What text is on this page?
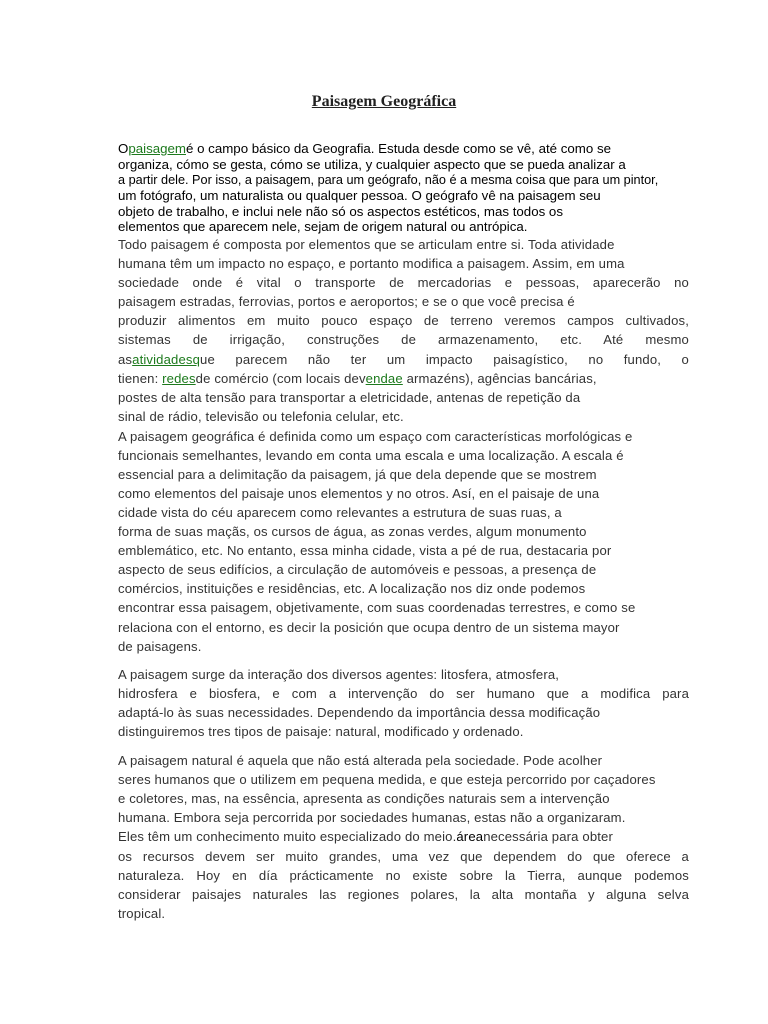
Paisagem Geográfica
Opaisagemé o campo básico da Geografia. Estuda desde como se vê, até como se
organiza, cómo se gesta, cómo se utiliza, y cualquier aspecto que se pueda analizar a
a partir dele. Por isso, a paisagem, para um geógrafo, não é a mesma coisa que para um pintor,
um fotógrafo, um naturalista ou qualquer pessoa. O geógrafo vê na paisagem seu
objeto de trabalho, e inclui nele não só os aspectos estéticos, mas todos os
elementos que aparecem nele, sejam de origem natural ou antrópica.
Todo paisagem é composta por elementos que se articulam entre si. Toda atividade
humana têm um impacto no espaço, e portanto modifica a paisagem. Assim, em uma
sociedade onde é vital o transporte de mercadorias e pessoas, aparecerão no
paisagem estradas, ferrovias, portos e aeroportos; e se o que você precisa é
produzir alimentos em muito pouco espaço de terreno veremos campos cultivados,
sistemas de irrigação, construções de armazenamento, etc. Até mesmo
asatividadesque parecem não ter um impacto paisagístico, no fundo, o
tienen: redesde comércio (com locais devendae armazéns), agências bancárias,
postes de alta tensão para transportar a eletricidade, antenas de repetição da
sinal de rádio, televisão ou telefonia celular, etc.
A paisagem geográfica é definida como um espaço com características morfológicas e
funcionais semelhantes, levando em conta uma escala e uma localização. A escala é
essencial para a delimitação da paisagem, já que dela depende que se mostrem
como elementos del paisaje unos elementos y no otros. Así, en el paisaje de una
cidade vista do céu aparecem como relevantes a estrutura de suas ruas, a
forma de suas maçãs, os cursos de água, as zonas verdes, algum monumento
emblemático, etc. No entanto, essa minha cidade, vista a pé de rua, destacaria por
aspecto de seus edifícios, a circulação de automóveis e pessoas, a presença de
comércios, instituições e residências, etc. A localização nos diz onde podemos
encontrar essa paisagem, objetivamente, com suas coordenadas terrestres, e como se
relaciona con el entorno, es decir la posición que ocupa dentro de un sistema mayor
de paisagens.
A paisagem surge da interação dos diversos agentes: litosfera, atmosfera,
hidrosfera e biosfera, e com a intervenção do ser humano que a modifica para
adaptá-lo às suas necessidades. Dependendo da importância dessa modificação
distinguiremos tres tipos de paisaje: natural, modificado y ordenado.
A paisagem natural é aquela que não está alterada pela sociedade. Pode acolher
seres humanos que o utilizem em pequena medida, e que esteja percorrido por caçadores
e coletores, mas, na essência, apresenta as condições naturais sem a intervenção
humana. Embora seja percorrida por sociedades humanas, estas não a organizaram.
Eles têm um conhecimento muito especializado do meio.áreanecessária para obter
os recursos devem ser muito grandes, uma vez que dependem do que oferece a
naturaleza. Hoy en día prácticamente no existe sobre la Tierra, aunque podemos
considerar paisajes naturales las regiones polares, la alta montaña y alguna selva
tropical.
